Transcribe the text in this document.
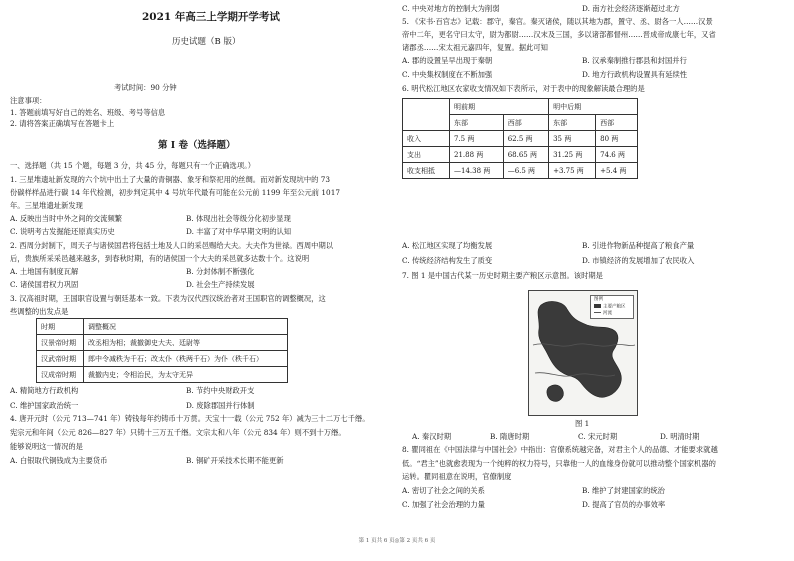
2021 年高三上学期开学考试
历史试题（B 版）
考试时间：90 分钟
注意事项：
1. 答题前填写好自己的姓名、班级、考号等信息
2. 请将答案正确填写在答题卡上
第 I 卷（选择题）
一、选择题（共 15 个题，每题 3 分，共 45 分，每题只有一个正确选项。）
1. 三星堆遗址新发现的六个坑中出土了大量的青铜器、象牙和祭祀用的丝绸。而对新发现坑中的 73
份碳样样品进行碳 14 年代检测，初步判定其中 4 号坑年代最有可能在公元前 1199 年至公元前 1017
年。三星堆遗址新发现
A. 反映出当时中外之间的交流频繁	B. 体现出社会等级分化初步显现
C. 说明考古发掘能还原真实历史	D. 丰富了对中华早期文明的认知
2. 西周分封制下，周天子与诸侯国君将包括土地及人口的采邑赐给大夫。大夫作为世禄。西周中期以
后，贵族所采采邑越来越多，到春秋时期，有的诸侯国一个大夫的采邑就多达数十个。这说明
A. 土地国有制度瓦解	B. 分封体制不断强化
C. 诸侯国君权力巩固	D. 社会生产持续发展
3. 汉高祖时期，王国职官设置与朝廷基本一致。下表为汉代西汉统治者对王国职官的调整概况，这
些调整的出发点是
时期	调整概况
汉景帝时期	改丞相为相；裁撤御史大夫、廷尉等
汉武帝时期	郎中令减秩为千石；改太仆（秩两千石）为仆（秩千石）
汉成帝时期	裁撤内史；令相治民，为太守无异
A. 精简地方行政机构	B. 节约中央财政开支
C. 维护国家政治统一	D. 废除郡国并行体制
4. 唐开元时（公元 713—741 年）铸钱每年约铸币十万贯。天宝十一载（公元 752 年）减为三十二万七千缗。
宪宗元和年间（公元 826—827 年）只铸十三万五千缗。文宗太和八年（公元 834 年）则不到十万缗。
能够说明这一情况的是
A. 白银取代铜钱成为主要货币	B. 铜矿开采技术长期不能更新
C. 中央对地方的控制大为削弱	D. 南方社会经济逐渐超过北方
5. 《宋书·百官志》记载：郡守，秦官。秦灭诸侯，随以其地为郡，置守、丞、尉各一人……汉景
帝中二年，更名守曰太守，尉为都尉……汉末及三国，多以诸部都督州……晋成帝成康七年，又省
诸郡丞……宋太祖元嘉四年，复置。据此可知
A. 郡的设置呈早出现于秦朝	B. 汉承秦制推行郡县和封国并行
C. 中央集权制度在不断加强	D. 地方行政机构设置具有延续性
6. 明代松江地区农家收支情况如下表所示，对于表中的现象解读最合理的是
	明前期		明中后期	
	东部	西部	东部	西部
收入	7.5 两	62.5 两	35 两	80 两
支出	21.88 两	68.65 两	31.25 两	74.6 两
收支相抵	—14.38 两	—6.5 两	+3.75 两	+5.4 两
A. 松江地区实现了均衡发展	B. 引进作物新品种提高了粮食产量
C. 传统经济结构发生了质变	D. 市镇经济的发展增加了农民收入
7. 图 1 是中国古代某一历史时期主要产粮区示意图。该时期是
图例
主要产粮区
河流
图 1
A. 秦汉时期	B. 隋唐时期	C. 宋元时期	D. 明清时期
8. 瞿同祖在《中国法律与中国社会》中指出：官僚系统越完备，对君主个人的品德、才能要求就越
低。“君主”也就愈表现为一个纯粹的权力符号，只靠他一人的血缘身份就可以推动整个国家机器的
运转。瞿同祖意在说明，官僚制度
A. 密切了社会之间的关系	B. 维护了封建国家的统治
C. 加强了社会治理的力量	D. 提高了官员的办事效率
第 1 页共 6 页◎第 2 页共 6 页
